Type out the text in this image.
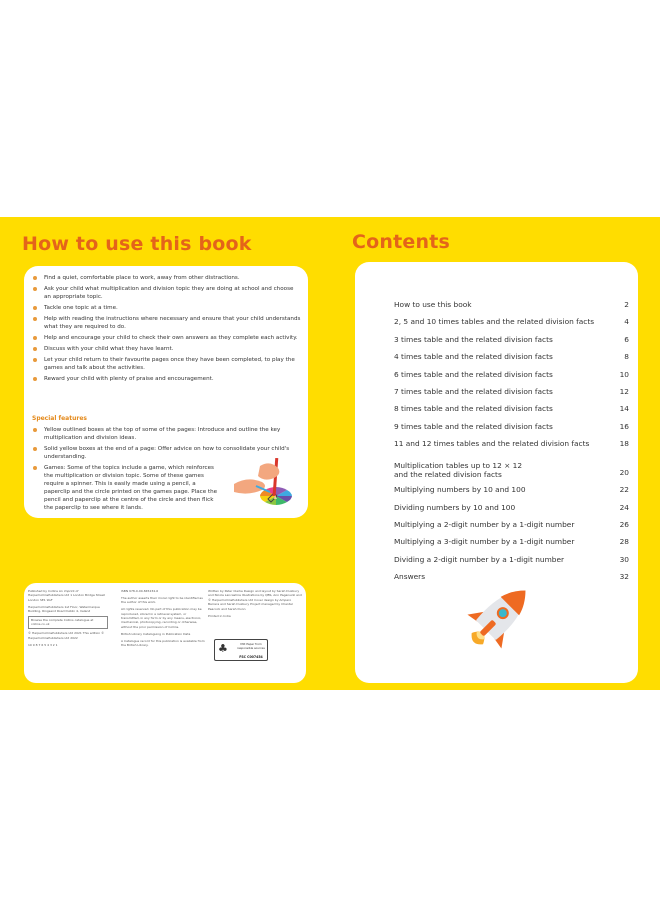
How to use this book
Find a quiet, comfortable place to work, away from other distractions.
Ask your child what multiplication and division topic they are doing at school and choose an appropriate topic.
Tackle one topic at a time.
Help with reading the instructions where necessary and ensure that your child understands what they are required to do.
Help and encourage your child to check their own answers as they complete each activity.
Discuss with your child what they have learnt.
Let your child return to their favourite pages once they have been completed, to play the games and talk about the activities.
Reward your child with plenty of praise and encouragement.
Special features
Yellow outlined boxes at the top of some of the pages: Introduce and outline the key multiplication and division ideas.
Solid yellow boxes at the end of a page: Offer advice on how to consolidate your child's understanding.
Games: Some of the topics include a game, which reinforces the multiplication or division topic. Some of these games require a spinner. This is easily made using a pencil, a paperclip and the circle printed on the games page. Place the pencil and paperclip at the centre of the circle and then flick the paperclip to see where it lands.

Published by Collins An imprint of HarperCollinsPublishers Ltd 1 London Bridge Street London SE1 9GF

HarperCollinsPublishers 1st Floor, Watermarque Building, Ringsend Road Dublin 4, Ireland

Browse the complete Collins catalogue at collins.co.uk

© HarperCollinsPublishers Ltd 2021 This edition © HarperCollinsPublishers Ltd 2022

10 9 8 7 6 5 4 3 2 1

ISBN 978-0-00-845234-6

The author asserts their moral right to be identified as the author of this work.

All rights reserved. No part of this publication may be reproduced, stored in a retrieval system, or transmitted, in any form or by any means, electronic, mechanical, photocopying, recording or otherwise, without the prior permission of Collins.

British Library Cataloguing in Publication Data

A Catalogue record for this publication is available from the British Library.

Written by Peter Clarke Design and layout by Sarah Duxbury and Nicola Lancashire Illustrations by QBS, Ann Paganuzzi and © HarperCollinsPublishers Ltd Cover design by Amparo Barrera and Sarah Duxbury Project managed by Chantal Peacock and Sarah Dunn

Printed in India

♣	MIX Paper from responsible sources
FSC C007454
Contents
How to use this book	2
2, 5 and 10 times tables and the related division facts	4
3 times table and the related division facts	6
4 times table and the related division facts	8
6 times table and the related division facts	10
7 times table and the related division facts	12
8 times table and the related division facts	14
9 times table and the related division facts	16
11 and 12 times tables and the related division facts	18
Multiplication tables up to 12 × 12
and the related division facts	20
Multiplying numbers by 10 and 100	22
Dividing numbers by 10 and 100	24
Multiplying a 2-digit number by a 1-digit number	26
Multiplying a 3-digit number by a 1-digit number	28
Dividing a 2-digit number by a 1-digit number	30
Answers	32
